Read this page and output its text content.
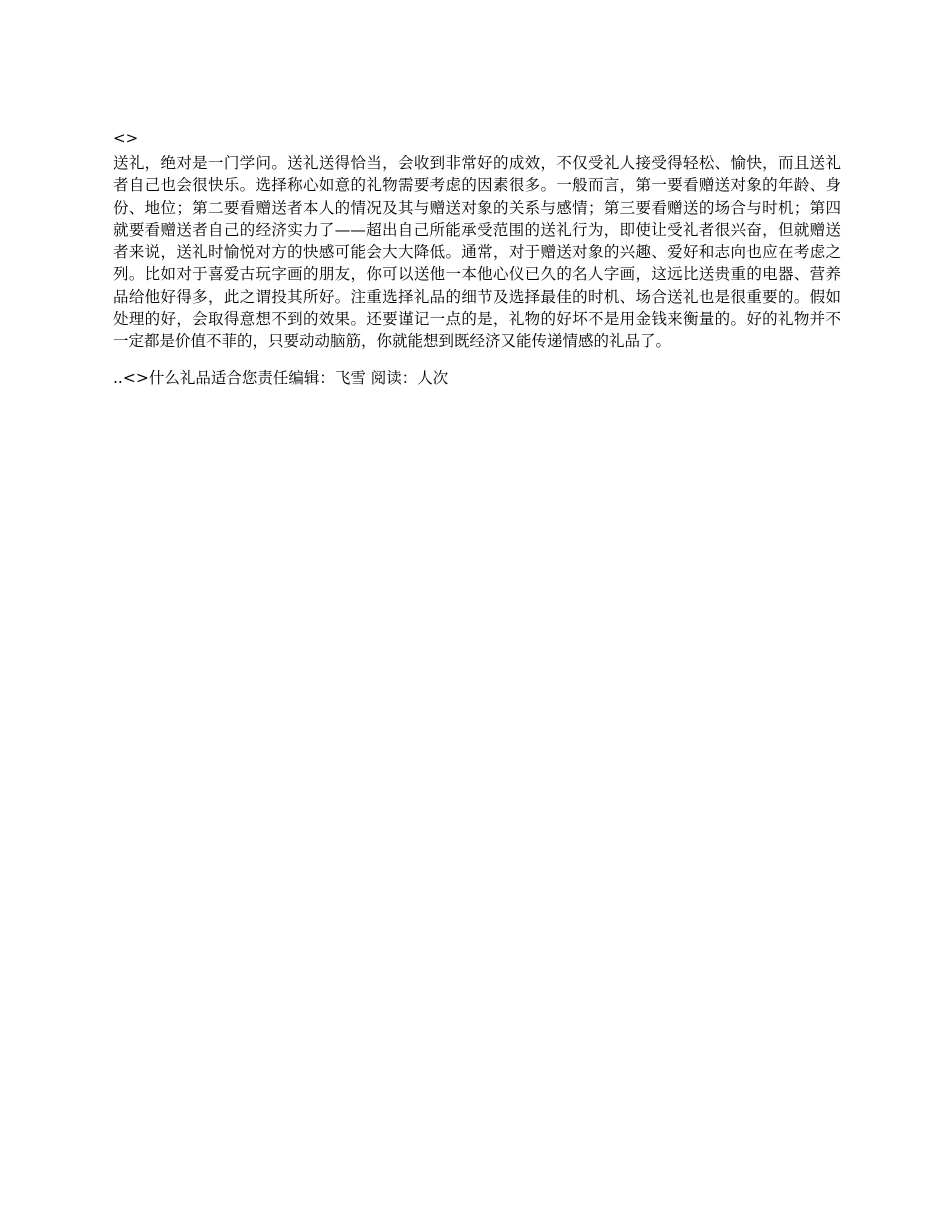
<>

送礼，绝对是一门学问。送礼送得恰当，会收到非常好的成效，不仅受礼人接受得轻松、愉快，而且送礼者自己也会很快乐。选择称心如意的礼物需要考虑的因素很多。一般而言，第一要看赠送对象的年龄、身份、地位；第二要看赠送者本人的情况及其与赠送对象的关系与感情；第三要看赠送的场合与时机；第四就要看赠送者自己的经济实力了——超出自己所能承受范围的送礼行为，即使让受礼者很兴奋，但就赠送者来说，送礼时愉悦对方的快感可能会大大降低。通常，对于赠送对象的兴趣、爱好和志向也应在考虑之列。比如对于喜爱古玩字画的朋友，你可以送他一本他心仪已久的名人字画，这远比送贵重的电器、营养品给他好得多，此之谓投其所好。注重选择礼品的细节及选择最佳的时机、场合送礼也是很重要的。假如处理的好，会取得意想不到的效果。还要谨记一点的是，礼物的好坏不是用金钱来衡量的。好的礼物并不一定都是价值不菲的，只要动动脑筋，你就能想到既经济又能传递情感的礼品了。

..<>什么礼品适合您责任编辑：飞雪 阅读：人次
